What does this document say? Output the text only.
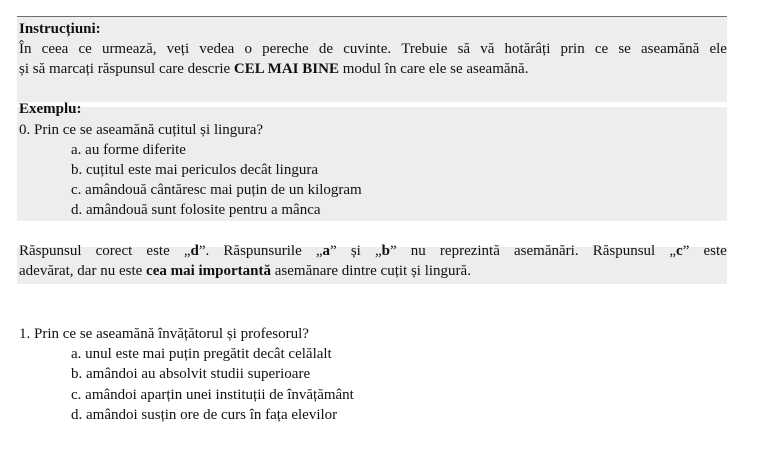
Instrucțiuni:
În ceea ce urmează, veți vedea o pereche de cuvinte. Trebuie să vă hotărâți prin ce se aseamănă ele
și să marcați răspunsul care descrie CEL MAI BINE modul în care ele se aseamănă.
Exemplu:
0. Prin ce se aseamănă cuțitul și lingura?
a. au forme diferite
b. cuțitul este mai periculos decât lingura
c. amândouă cântăresc mai puțin de un kilogram
d. amândouă sunt folosite pentru a mânca
Răspunsul corect este „d”. Răspunsurile „a” și „b” nu reprezintă asemănări. Răspunsul „c” este
adevărat, dar nu este cea mai importantă asemănare dintre cuțit și lingură.
1. Prin ce se aseamănă învățătorul și profesorul?
a. unul este mai puțin pregătit decât celălalt
b. amândoi au absolvit studii superioare
c. amândoi aparțin unei instituții de învățământ
d. amândoi susțin ore de curs în fața elevilor
